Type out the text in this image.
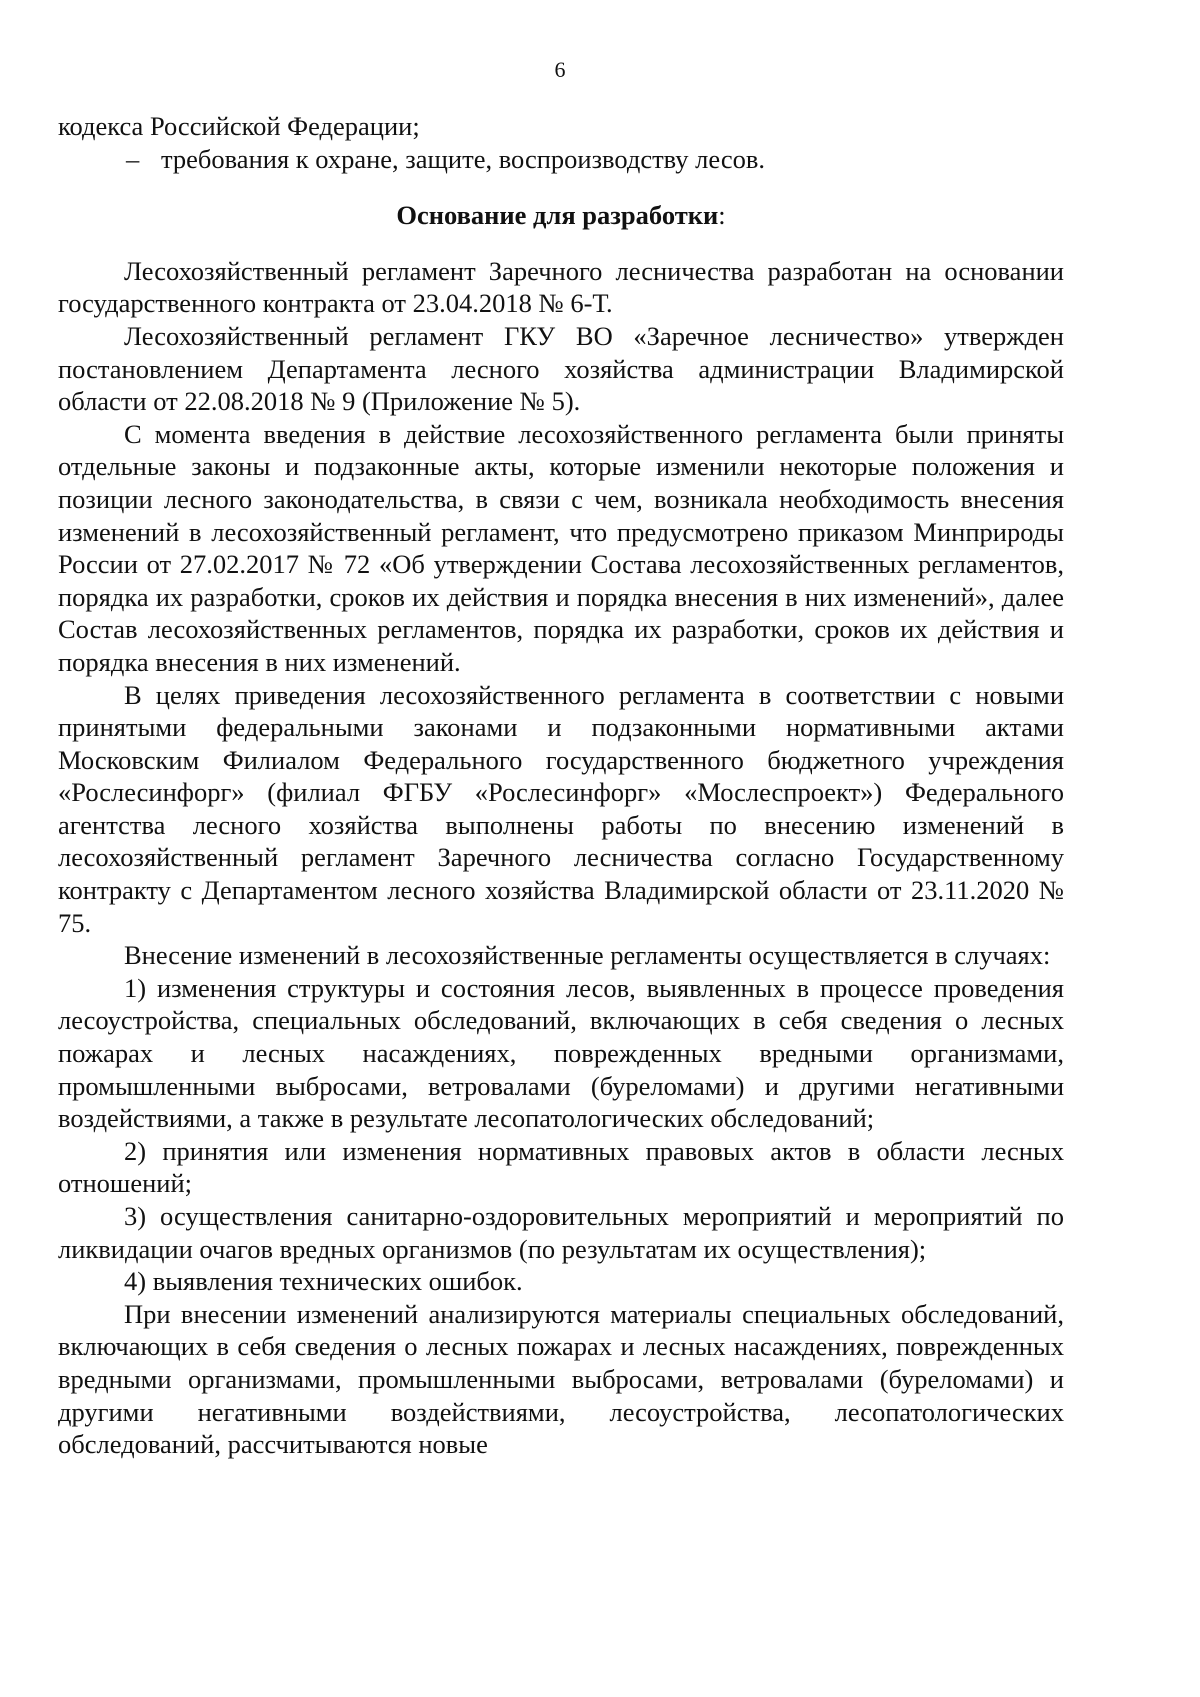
6

кодекса Российской Федерации;

– требования к охране, защите, воспроизводству лесов.

Основание для разработки:

Лесохозяйственный регламент Заречного лесничества разработан на основании государственного контракта от 23.04.2018 № 6-Т.

Лесохозяйственный регламент ГКУ ВО «Заречное лесничество» утвержден постановлением Департамента лесного хозяйства администрации Владимирской области от 22.08.2018 № 9 (Приложение № 5).

С момента введения в действие лесохозяйственного регламента были приняты отдельные законы и подзаконные акты, которые изменили некоторые положения и позиции лесного законодательства, в связи с чем, возникала необходимость внесения изменений в лесохозяйственный регламент, что предусмотрено приказом Минприроды России от 27.02.2017 № 72 «Об утверждении Состава лесохозяйственных регламентов, порядка их разработки, сроков их действия и порядка внесения в них изменений», далее Состав лесохозяйственных регламентов, порядка их разработки, сроков их действия и порядка внесения в них изменений.

В целях приведения лесохозяйственного регламента в соответствии с новыми принятыми федеральными законами и подзаконными нормативными актами Московским Филиалом Федерального государственного бюджетного учреждения «Рослесинфорг» (филиал ФГБУ «Рослесинфорг» «Мослеспроект») Федерального агентства лесного хозяйства выполнены работы по внесению изменений в лесохозяйственный регламент Заречного лесничества согласно Государственному контракту с Департаментом лесного хозяйства Владимирской области от 23.11.2020 № 75.

Внесение изменений в лесохозяйственные регламенты осуществляется в случаях:

1) изменения структуры и состояния лесов, выявленных в процессе проведения лесоустройства, специальных обследований, включающих в себя сведения о лесных пожарах и лесных насаждениях, поврежденных вредными организмами, промышленными выбросами, ветровалами (буреломами) и другими негативными воздействиями, а также в результате лесопатологических обследований;

2) принятия или изменения нормативных правовых актов в области лесных отношений;

3) осуществления санитарно-оздоровительных мероприятий и мероприятий по ликвидации очагов вредных организмов (по результатам их осуществления);

4) выявления технических ошибок.

При внесении изменений анализируются материалы специальных обследований, включающих в себя сведения о лесных пожарах и лесных насаждениях, поврежденных вредными организмами, промышленными выбросами, ветровалами (буреломами) и другими негативными воздействиями, лесоустройства, лесопатологических обследований, рассчитываются новые
